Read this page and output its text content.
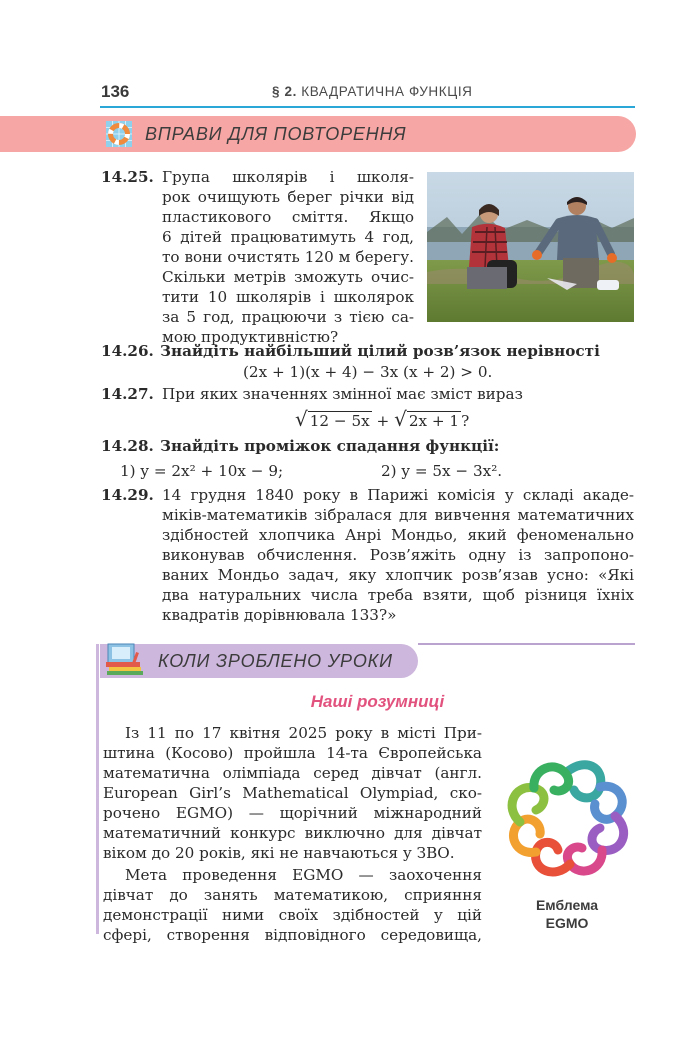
136	§ 2. КВАДРАТИЧНА ФУНКЦІЯ
ВПРАВИ ДЛЯ ПОВТОРЕННЯ
14.25. Група школярів і школя-
рок очищують берег річки від
пластикового сміття. Якщо
6 дітей працюватимуть 4 год,
то вони очистять 120 м берегу.
Скільки метрів зможуть очис-
тити 10 школярів і школярок
за 5 год, працюючи з тією са-
мою продуктивністю?
14.26. Знайдіть найбільший цілий розв’язок нерівності
(2x + 1)(x + 4) − 3x (x + 2) > 0.
14.27. При яких значеннях змінної має зміст вираз
√ 12 − 5x + √ 2x + 1 ?
14.28. Знайдіть проміжок спадання функції:
1) y = 2x² + 10x − 9;	2) y = 5x − 3x².
14.29. 14 грудня 1840 року в Парижі комісія у складі акаде-
міків-математиків зібралася для вивчення математичних
здібностей хлопчика Анрі Мондьо, який феноменально
виконував обчислення. Розв’яжіть одну із запропоно-
ваних Мондьо задач, яку хлопчик розв’язав усно: «Які
два натуральних числа треба взяти, щоб різниця їхніх
квадратів дорівнювала 133?»
КОЛИ ЗРОБЛЕНО УРОКИ
Наші розумниці
Із 11 по 17 квітня 2025 року в місті При-
штина (Косово) пройшла 14-та Європейська
математична олімпіада серед дівчат (англ.
European Girl’s Mathematical Olympiad, ско-
рочено EGMO) — щорічний міжнародний
математичний конкурс виключно для дівчат
віком до 20 років, які не навчаються у ЗВО.
Мета проведення EGMO — заохочення
дівчат до занять математикою, сприяння
демонстрації ними своїх здібностей у цій
сфері, створення відповідного середовища,
Емблема
EGMO
